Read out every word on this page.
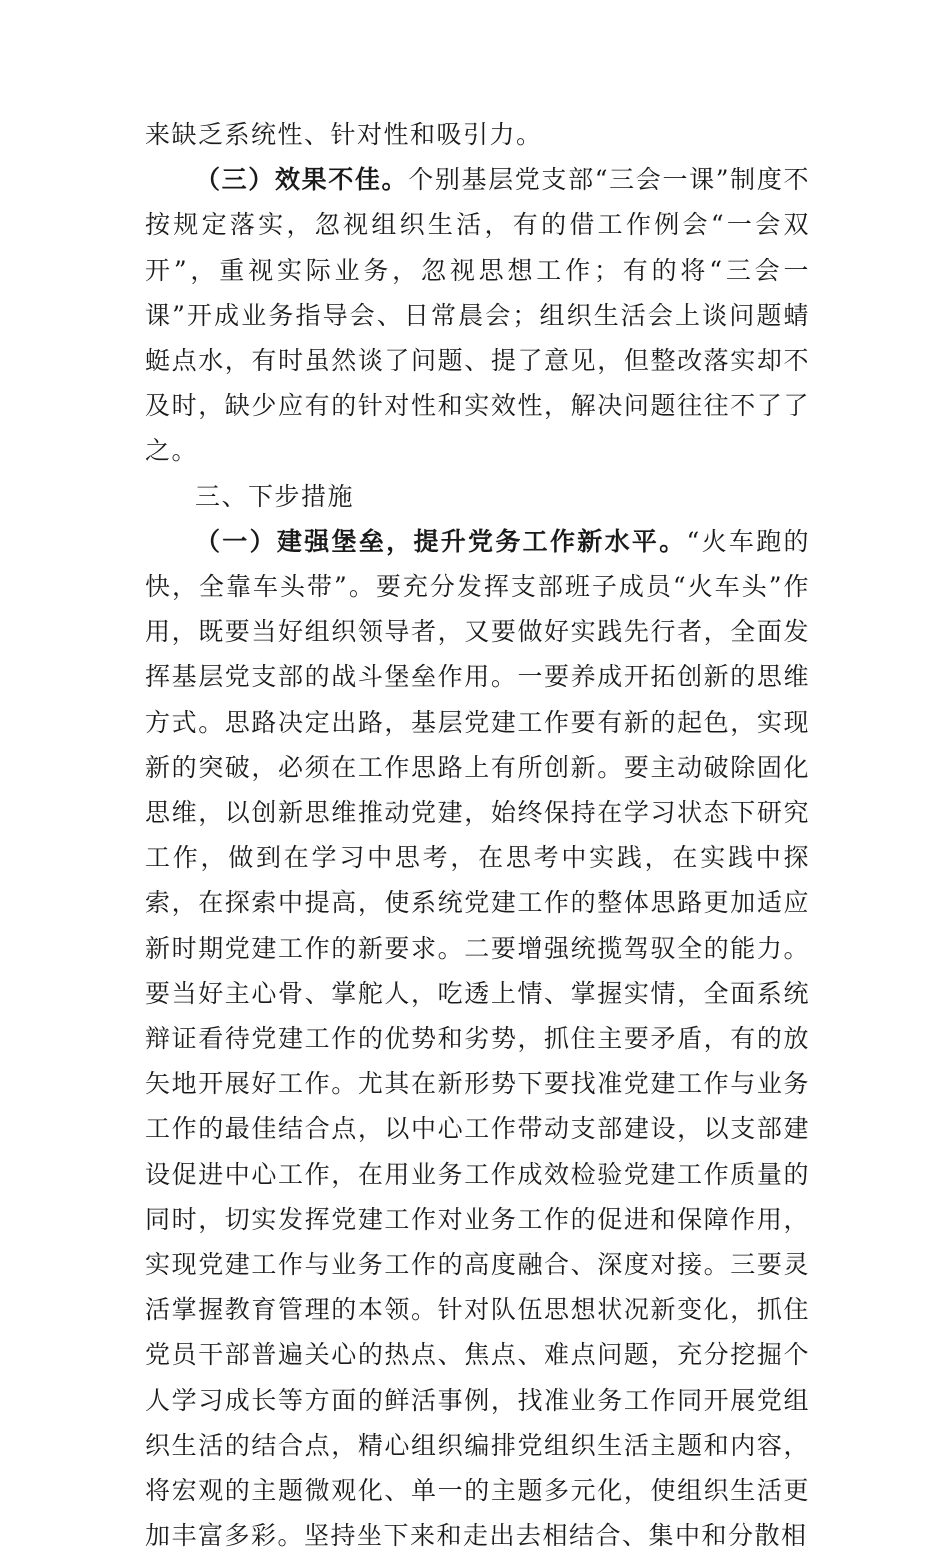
来缺乏系统性、针对性和吸引力。

（三）效果不佳。个别基层党支部“三会一课”制度不按规定落实，忽视组织生活，有的借工作例会“一会双开”，重视实际业务，忽视思想工作；有的将“三会一课”开成业务指导会、日常晨会；组织生活会上谈问题蜻蜓点水，有时虽然谈了问题、提了意见，但整改落实却不及时，缺少应有的针对性和实效性，解决问题往往不了了之。

三、下步措施

（一）建强堡垒，提升党务工作新水平。“火车跑的快，全靠车头带”。要充分发挥支部班子成员“火车头”作用，既要当好组织领导者，又要做好实践先行者，全面发挥基层党支部的战斗堡垒作用。一要养成开拓创新的思维方式。思路决定出路，基层党建工作要有新的起色，实现新的突破，必须在工作思路上有所创新。要主动破除固化思维，以创新思维推动党建，始终保持在学习状态下研究工作，做到在学习中思考，在思考中实践，在实践中探索，在探索中提高，使系统党建工作的整体思路更加适应新时期党建工作的新要求。二要增强统揽驾驭全的能力。要当好主心骨、掌舵人，吃透上情、掌握实情，全面系统辩证看待党建工作的优势和劣势，抓住主要矛盾，有的放矢地开展好工作。尤其在新形势下要找准党建工作与业务工作的最佳结合点，以中心工作带动支部建设，以支部建设促进中心工作，在用业务工作成效检验党建工作质量的同时，切实发挥党建工作对业务工作的促进和保障作用，实现党建工作与业务工作的高度融合、深度对接。三要灵活掌握教育管理的本领。针对队伍思想状况新变化，抓住党员干部普遍关心的热点、焦点、难点问题，充分挖掘个人学习成长等方面的鲜活事例，找准业务工作同开展党组织生活的结合点，精心组织编排党组织生活主题和内容，将宏观的主题微观化、单一的主题多元化，使组织生活更加丰富多彩。坚持坐下来和走出去相结合、集中和分散相
